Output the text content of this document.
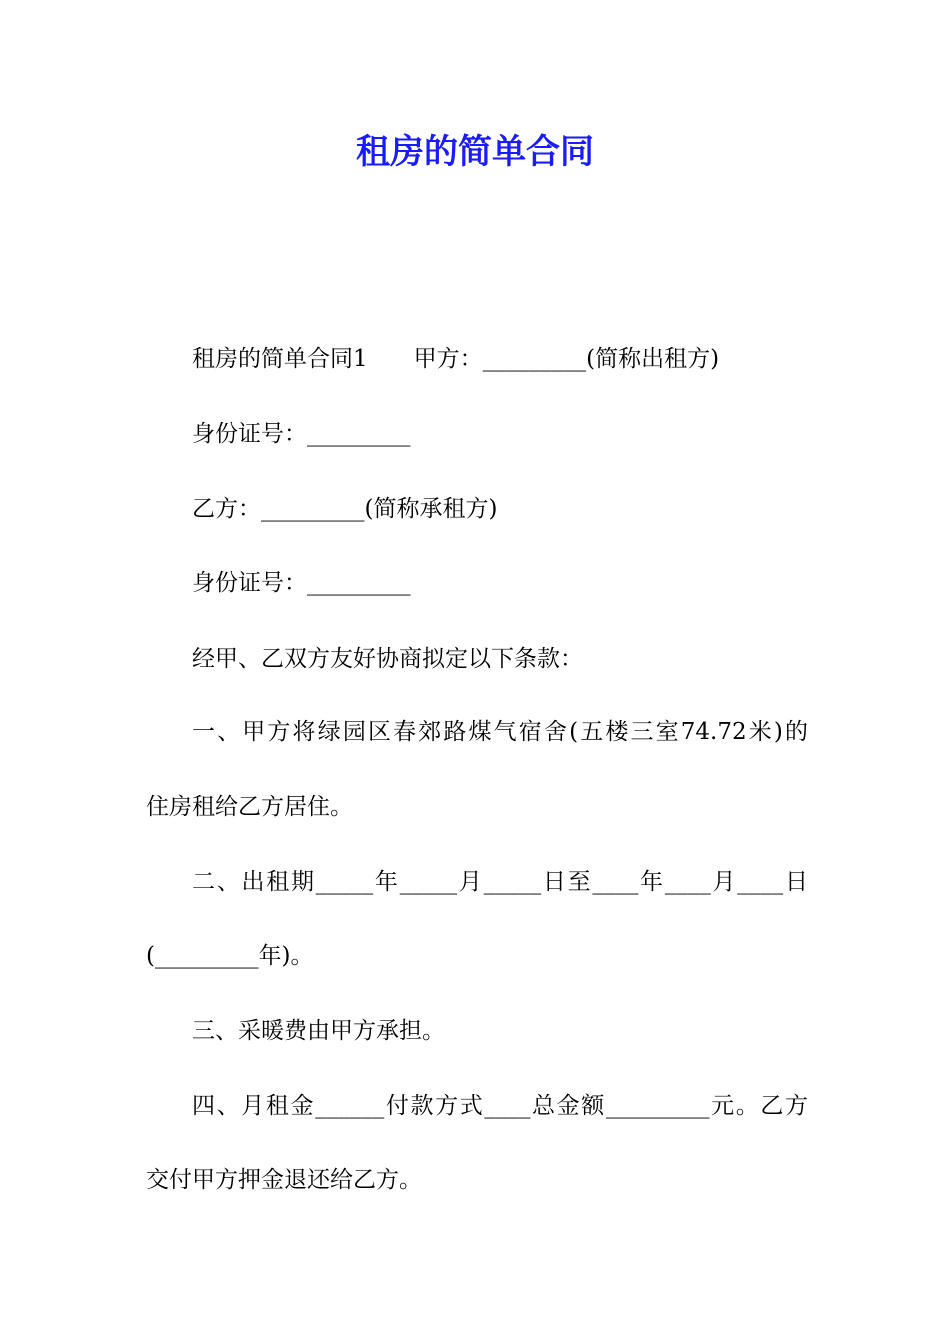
租房的简单合同

租房的简单合同1　　甲方：_________(简称出租方)

身份证号：_________

乙方：_________(简称承租方)

身份证号：_________

经甲、乙双方友好协商拟定以下条款：

一、甲方将绿园区春郊路煤气宿舍(五楼三室74.72米)的

住房租给乙方居住。

二、出租期_____年_____月_____日至____年____月____日

(_________年)。

三、采暖费由甲方承担。

四、月租金______付款方式____总金额_________元。乙方

交付甲方押金退还给乙方。
